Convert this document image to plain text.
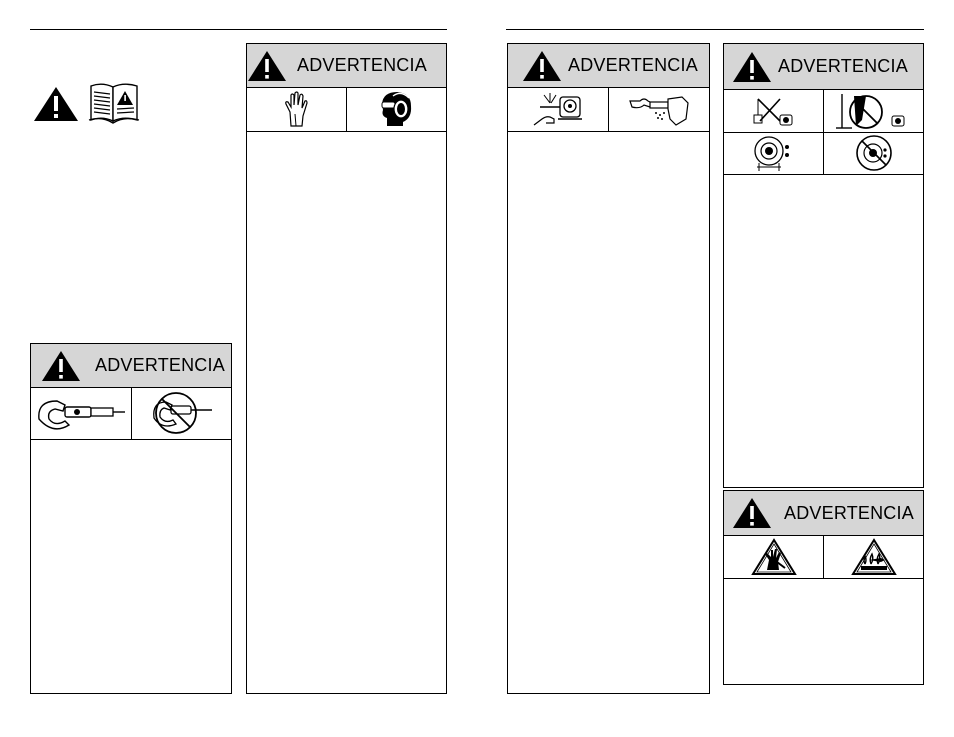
ADVERTENCIA
ADVERTENCIA	ADVERTENCIA	ADVERTENCIA
ADVERTENCIA
